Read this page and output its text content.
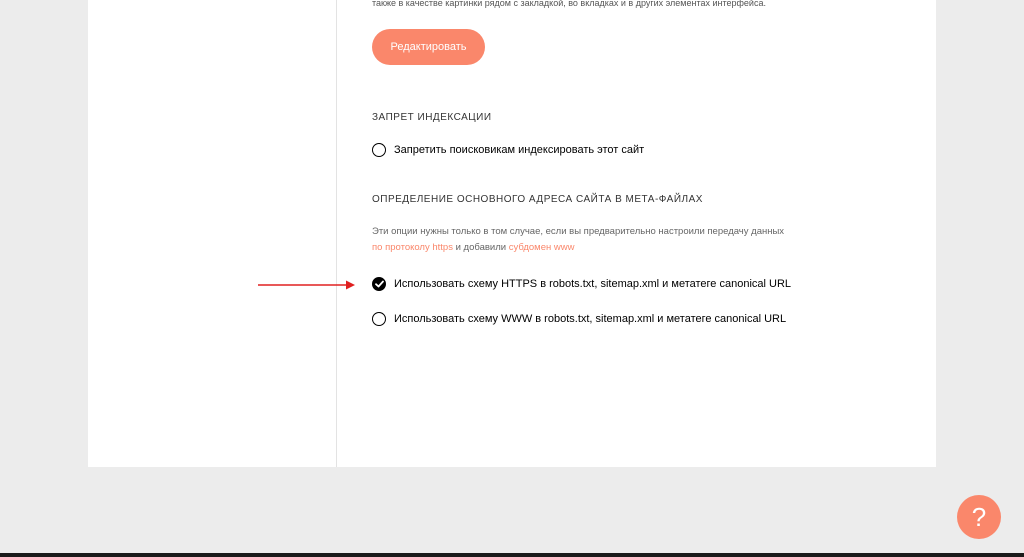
также в качестве картинки рядом с закладкой, во вкладках и в других элементах интерфейса.
Редактировать
ЗАПРЕТ ИНДЕКСАЦИИ
Запретить поисковикам индексировать этот сайт
ОПРЕДЕЛЕНИЕ ОСНОВНОГО АДРЕСА САЙТА В МЕТА-ФАЙЛАХ
Эти опции нужны только в том случае, если вы предварительно настроили передачу данных по протоколу https и добавили субдомен www
Использовать схему HTTPS в robots.txt, sitemap.xml и метатеге canonical URL
Использовать схему WWW в robots.txt, sitemap.xml и метатеге canonical URL
?
